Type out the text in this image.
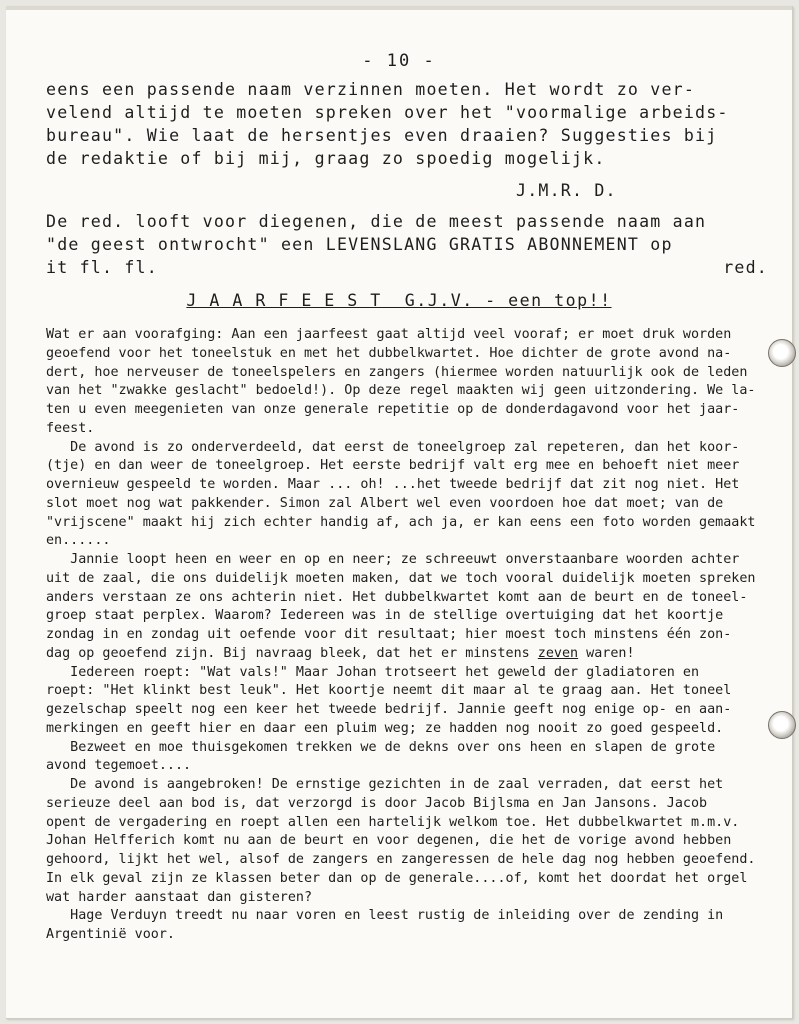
- 10 -
eens een passende naam verzinnen moeten. Het wordt zo ver-
velend altijd te moeten spreken over het "voormalige arbeids-
bureau". Wie laat de hersentjes even draaien? Suggesties bij
de redaktie of bij mij, graag zo spoedig mogelijk.
J.M.R. D.
De red. looft voor diegenen, die de meest passende naam aan
"de geest ontwrocht" een LEVENSLANG GRATIS ABONNEMENT op
it fl. fl.	red.
J A A R F E E S T  G.J.V. - een top!!
Wat er aan voorafging: Aan een jaarfeest gaat altijd veel vooraf; er moet druk worden
geoefend voor het toneelstuk en met het dubbelkwartet. Hoe dichter de grote avond na-
dert, hoe nerveuser de toneelspelers en zangers (hiermee worden natuurlijk ook de leden
van het "zwakke geslacht" bedoeld!). Op deze regel maakten wij geen uitzondering. We la-
ten u even meegenieten van onze generale repetitie op de donderdagavond voor het jaar-
feest.
De avond is zo onderverdeeld, dat eerst de toneelgroep zal repeteren, dan het koor-
(tje) en dan weer de toneelgroep. Het eerste bedrijf valt erg mee en behoeft niet meer
overnieuw gespeeld te worden. Maar ... oh! ...het tweede bedrijf dat zit nog niet. Het
slot moet nog wat pakkender. Simon zal Albert wel even voordoen hoe dat moet; van de
"vrijscene" maakt hij zich echter handig af, ach ja, er kan eens een foto worden gemaakt
en......
Jannie loopt heen en weer en op en neer; ze schreeuwt onverstaanbare woorden achter
uit de zaal, die ons duidelijk moeten maken, dat we toch vooral duidelijk moeten spreken
anders verstaan ze ons achterin niet. Het dubbelkwartet komt aan de beurt en de toneel-
groep staat perplex. Waarom? Iedereen was in de stellige overtuiging dat het koortje
zondag in en zondag uit oefende voor dit resultaat; hier moest toch minstens één zon-
dag op geoefend zijn. Bij navraag bleek, dat het er minstens zeven waren!
Iedereen roept: "Wat vals!" Maar Johan trotseert het geweld der gladiatoren en
roept: "Het klinkt best leuk". Het koortje neemt dit maar al te graag aan. Het toneel
gezelschap speelt nog een keer het tweede bedrijf. Jannie geeft nog enige op- en aan-
merkingen en geeft hier en daar een pluim weg; ze hadden nog nooit zo goed gespeeld.
Bezweet en moe thuisgekomen trekken we de dekns over ons heen en slapen de grote
avond tegemoet....
De avond is aangebroken! De ernstige gezichten in de zaal verraden, dat eerst het
serieuze deel aan bod is, dat verzorgd is door Jacob Bijlsma en Jan Jansons. Jacob
opent de vergadering en roept allen een hartelijk welkom toe. Het dubbelkwartet m.m.v.
Johan Helfferich komt nu aan de beurt en voor degenen, die het de vorige avond hebben
gehoord, lijkt het wel, alsof de zangers en zangeressen de hele dag nog hebben geoefend.
In elk geval zijn ze klassen beter dan op de generale....of, komt het doordat het orgel
wat harder aanstaat dan gisteren?
Hage Verduyn treedt nu naar voren en leest rustig de inleiding over de zending in
Argentinië voor.
